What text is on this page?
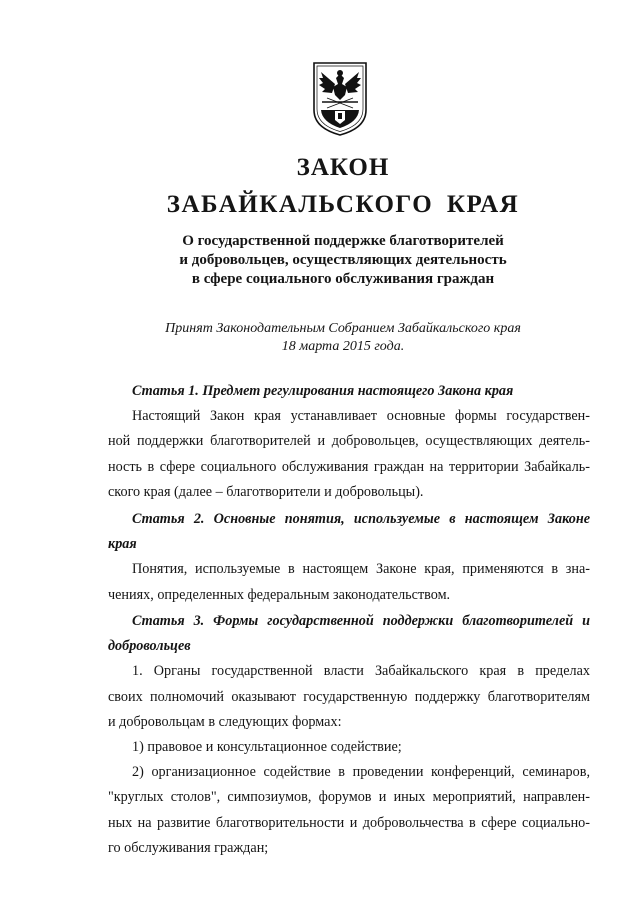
ЗАКОН
ЗАБАЙКАЛЬСКОГО КРАЯ
О государственной поддержке благотворителей
и добровольцев, осуществляющих деятельность
в сфере социального обслуживания граждан
Принят Законодательным Собранием Забайкальского края
18 марта 2015 года.
Статья 1. Предмет регулирования настоящего Закона края
Настоящий Закон края устанавливает основные формы государствен-
ной поддержки благотворителей и добровольцев, осуществляющих деятель-
ность в сфере социального обслуживания граждан на территории Забайкаль-
ского края (далее – благотворители и добровольцы).
Статья 2. Основные понятия, используемые в настоящем Законе
края
Понятия, используемые в настоящем Законе края, применяются в зна-
чениях, определенных федеральным законодательством.
Статья 3. Формы государственной поддержки благотворителей и
добровольцев
1. Органы государственной власти Забайкальского края в пределах
своих полномочий оказывают государственную поддержку благотворителям
и добровольцам в следующих формах:
1) правовое и консультационное содействие;
2) организационное содействие в проведении конференций, семинаров,
"круглых столов", симпозиумов, форумов и иных мероприятий, направлен-
ных на развитие благотворительности и добровольчества в сфере социально-
го обслуживания граждан;
